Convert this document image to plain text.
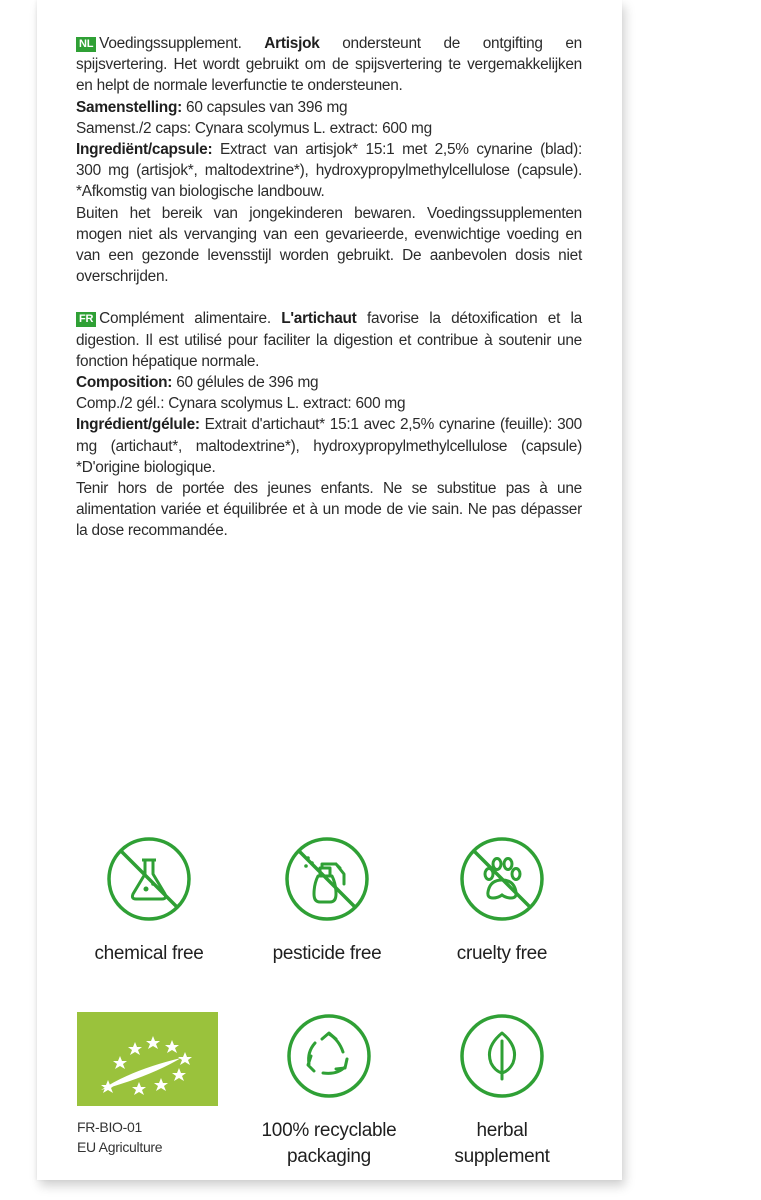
NL Voedingssupplement. Artisjok ondersteunt de ontgifting en spijsvertering. Het wordt gebruikt om de spijsvertering te vergemakkelijken en helpt de normale leverfunctie te ondersteunen.

Samenstelling: 60 capsules van 396 mg

Samenst./2 caps: Cynara scolymus L. extract: 600 mg

Ingrediënt/capsule: Extract van artisjok* 15:1 met 2,5% cynarine (blad): 300 mg (artisjok*, maltodextrine*), hydroxypropylmethylcellulose (capsule). *Afkomstig van biologische landbouw.

Buiten het bereik van jongekinderen bewaren. Voedingssupplementen mogen niet als vervanging van een gevarieerde, evenwichtige voeding en van een gezonde levensstijl worden gebruikt. De aanbevolen dosis niet overschrijden.

FR Complément alimentaire. L'artichaut favorise la détoxification et la digestion. Il est utilisé pour faciliter la digestion et contribue à soutenir une fonction hépatique normale.

Composition: 60 gélules de 396 mg

Comp./2 gél.: Cynara scolymus L. extract: 600 mg

Ingrédient/gélule: Extrait d'artichaut* 15:1 avec 2,5% cynarine (feuille): 300 mg (artichaut*, maltodextrine*), hydroxypropylmethylcellulose (capsule) *D'origine biologique.

Tenir hors de portée des jeunes enfants. Ne se substitue pas à une alimentation variée et équilibrée et à un mode de vie sain. Ne pas dépasser la dose recommandée.

chemical free	pesticide free	cruelty free
FR-BIO-01
EU Agriculture
100% recyclable
packaging
herbal
supplement
